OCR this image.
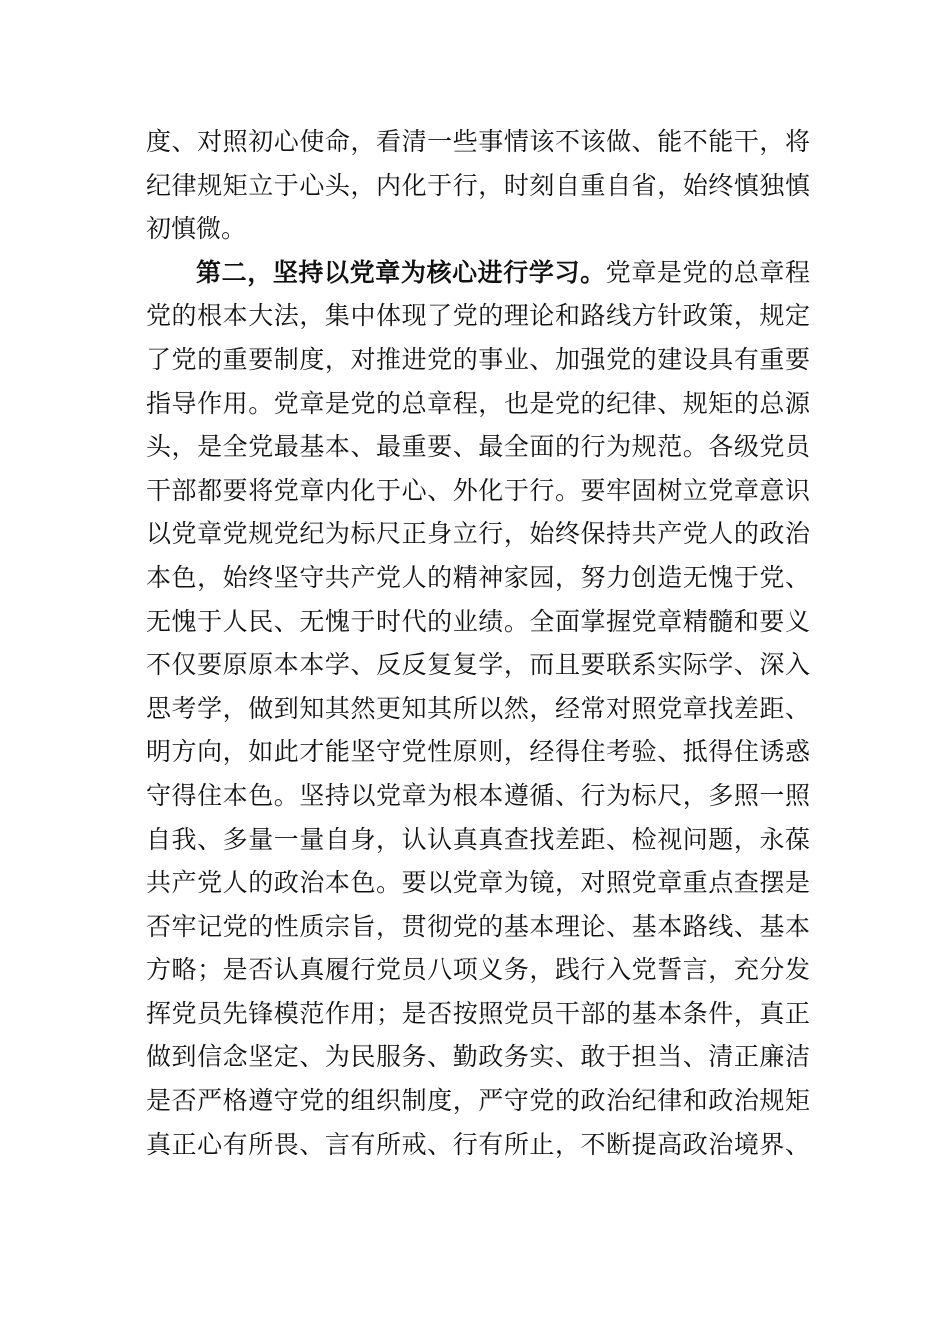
度、对照初心使命，看清一些事情该不该做、能不能干，将
纪律规矩立于心头，内化于行，时刻自重自省，始终慎独慎
初慎微。
第二，坚持以党章为核心进行学习。党章是党的总章程
党的根本大法，集中体现了党的理论和路线方针政策，规定
了党的重要制度，对推进党的事业、加强党的建设具有重要
指导作用。党章是党的总章程，也是党的纪律、规矩的总源
头，是全党最基本、最重要、最全面的行为规范。各级党员
干部都要将党章内化于心、外化于行。要牢固树立党章意识
以党章党规党纪为标尺正身立行，始终保持共产党人的政治
本色，始终坚守共产党人的精神家园，努力创造无愧于党、
无愧于人民、无愧于时代的业绩。全面掌握党章精髓和要义
不仅要原原本本学、反反复复学，而且要联系实际学、深入
思考学，做到知其然更知其所以然，经常对照党章找差距、
明方向，如此才能坚守党性原则，经得住考验、抵得住诱惑
守得住本色。坚持以党章为根本遵循、行为标尺，多照一照
自我、多量一量自身，认认真真查找差距、检视问题，永葆
共产党人的政治本色。要以党章为镜，对照党章重点查摆是
否牢记党的性质宗旨，贯彻党的基本理论、基本路线、基本
方略；是否认真履行党员八项义务，践行入党誓言，充分发
挥党员先锋模范作用；是否按照党员干部的基本条件，真正
做到信念坚定、为民服务、勤政务实、敢于担当、清正廉洁
是否严格遵守党的组织制度，严守党的政治纪律和政治规矩
真正心有所畏、言有所戒、行有所止，不断提高政治境界、
